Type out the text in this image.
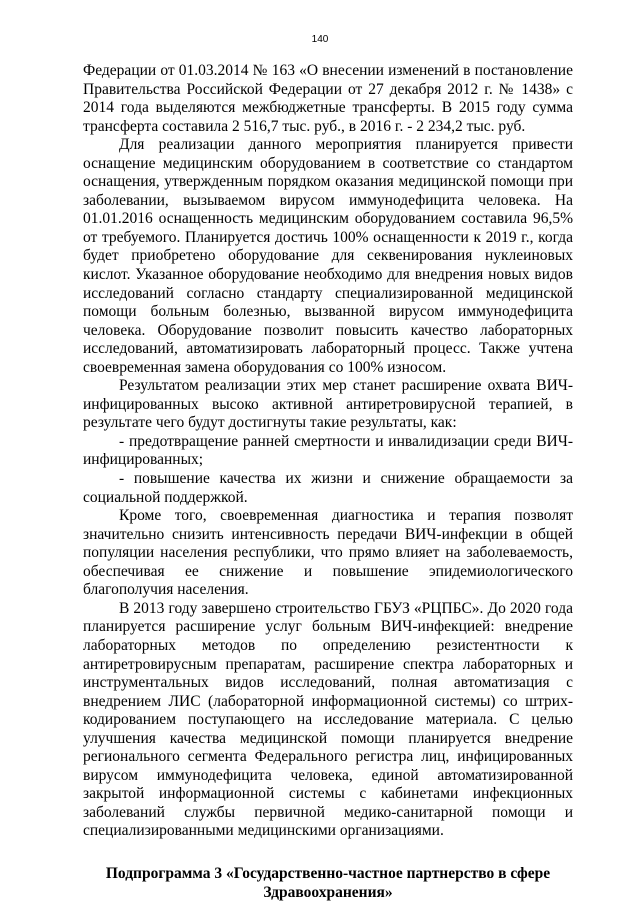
140

Федерации от 01.03.2014 № 163 «О внесении изменений в постановление Правительства Российской Федерации от 27 декабря 2012 г. № 1438» с 2014 года выделяются межбюджетные трансферты. В 2015 году сумма трансферта составила 2 516,7 тыс. руб., в 2016 г. - 2 234,2 тыс. руб.

Для реализации данного мероприятия планируется привести оснащение медицинским оборудованием в соответствие со стандартом оснащения, утвержденным порядком оказания медицинской помощи при заболевании, вызываемом вирусом иммунодефицита человека. На 01.01.2016 оснащенность медицинским оборудованием составила 96,5% от требуемого. Планируется достичь 100% оснащенности к 2019 г., когда будет приобретено оборудование для секвенирования нуклеиновых кислот. Указанное оборудование необходимо для внедрения новых видов исследований согласно стандарту специализированной медицинской помощи больным болезнью, вызванной вирусом иммунодефицита человека. Оборудование позволит повысить качество лабораторных исследований, автоматизировать лабораторный процесс. Также учтена своевременная замена оборудования со 100% износом.

Результатом реализации этих мер станет расширение охвата ВИЧ-инфицированных высоко активной антиретровирусной терапией, в результате чего будут достигнуты такие результаты, как:

- предотвращение ранней смертности и инвалидизации среди ВИЧ-инфицированных;

- повышение качества их жизни и снижение обращаемости за социальной поддержкой.

Кроме того, своевременная диагностика и терапия позволят значительно снизить интенсивность передачи ВИЧ-инфекции в общей популяции населения республики, что прямо влияет на заболеваемость, обеспечивая ее снижение и повышение эпидемиологического благополучия населения.

В 2013 году завершено строительство ГБУЗ «РЦПБС». До 2020 года планируется расширение услуг больным ВИЧ-инфекцией: внедрение лабораторных методов по определению резистентности к антиретровирусным препаратам, расширение спектра лабораторных и инструментальных видов исследований, полная автоматизация с внедрением ЛИС (лабораторной информационной системы) со штрих-кодированием поступающего на исследование материала. С целью улучшения качества медицинской помощи планируется внедрение регионального сегмента Федерального регистра лиц, инфицированных вирусом иммунодефицита человека, единой автоматизированной закрытой информационной системы с кабинетами инфекционных заболеваний службы первичной медико-санитарной помощи и специализированными медицинскими организациями.

Подпрограмма 3 «Государственно-частное партнерство в сфере Здравоохранения»
